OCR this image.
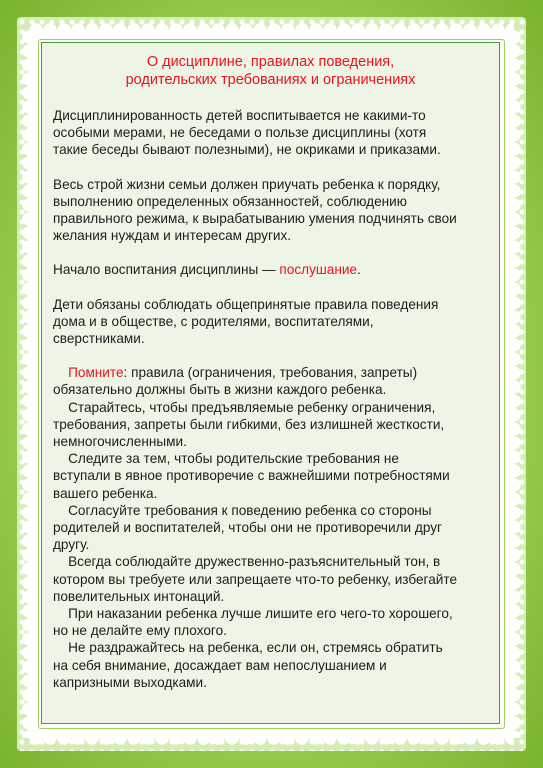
О дисциплине, правилах поведения,
родительских требованиях и ограничениях
Дисциплинированность детей воспитывается не какими-то
особыми мерами, не беседами о пользе дисциплины (хотя
такие беседы бывают полезными), не окриками и приказами.
Весь строй жизни семьи должен приучать ребенка к порядку,
выполнению определенных обязанностей, соблюдению
правильного режима, к вырабатыванию умения подчинять свои
желания нуждам и интересам других.
Начало воспитания дисциплины — послушание.
Дети обязаны соблюдать общепринятые правила поведения
дома и в обществе, с родителями, воспитателями,
сверстниками.
Помните: правила (ограничения, требования, запреты)
обязательно должны быть в жизни каждого ребенка.
Старайтесь, чтобы предъявляемые ребенку ограничения,
требования, запреты были гибкими, без излишней жесткости,
немногочисленными.
Следите за тем, чтобы родительские требования не
вступали в явное противоречие с важнейшими потребностями
вашего ребенка.
Согласуйте требования к поведению ребенка со стороны
родителей и воспитателей, чтобы они не противоречили друг
другу.
Всегда соблюдайте дружественно-разъяснительный тон, в
котором вы требуете или запрещаете что-то ребенку, избегайте
повелительных интонаций.
При наказании ребенка лучше лишите его чего-то хорошего,
но не делайте ему плохого.
Не раздражайтесь на ребенка, если он, стремясь обратить
на себя внимание, досаждает вам непослушанием и
капризными выходками.
